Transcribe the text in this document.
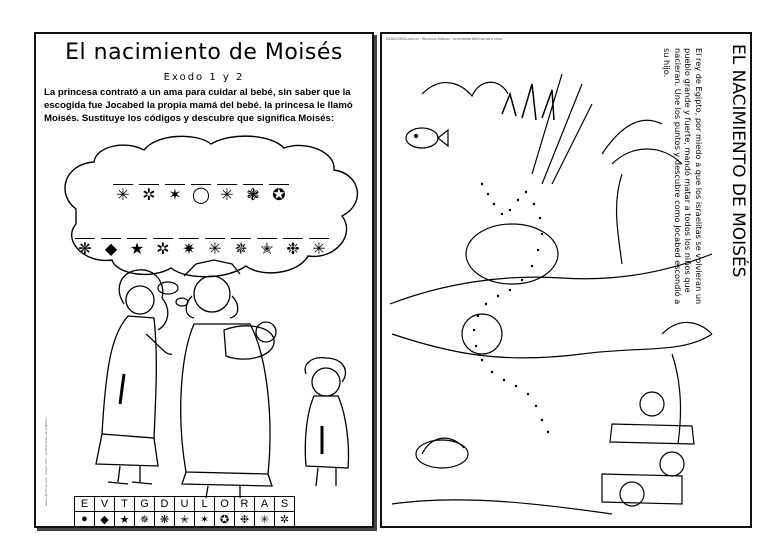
El nacimiento de Moisés
Exodo 1 y 2
La princesa contrató a un ama para cuidar al bebé, sin saber que la escogida fue Jocabed la propia mamá del bebé. la princesa le llamó Moisés. Sustituye los códigos y descubre que significa Moisés:
✳ ✲ ✶ ◯ ✳ ❃ ✪
❋ ◆ ★ ✲ ✷ ✳ ✵ ✭ ❉ ✳
E	V	T	G	D	U	L	O	R	A	S
●	◆	★	✵	❋	✭	✶	✪	❉	✳	✲
www.clipart-ec.net · Clipart.com · Ilustraciones de la Biblia
IGNACIOHQS.com.ec · Recursos Biblicos · Actividades Bíblicas para niños
EL NACIMIENTO DE MOISÉS
El rey de Egipto, por miedo a que los israelitas se volvieran un pueblo grande y fuerte, mandó matar a todos los niños que nacieran. Une los puntos y descubre como Jocabed escondió a su hijo.
